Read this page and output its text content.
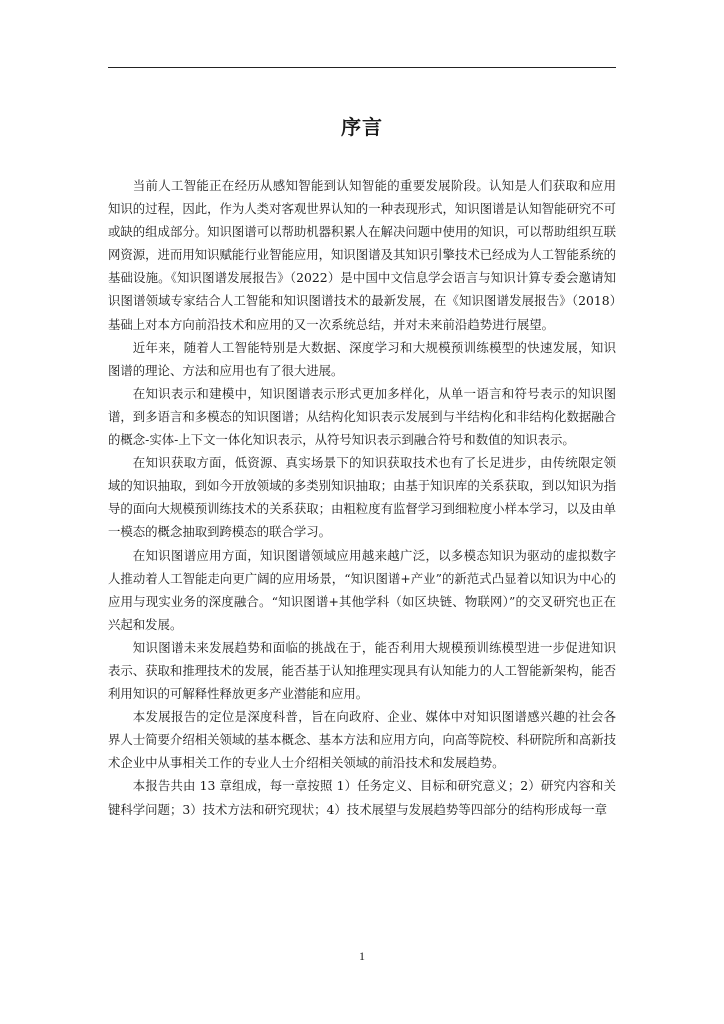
序言

当前人工智能正在经历从感知智能到认知智能的重要发展阶段。认知是人们获取和应用知识的过程，因此，作为人类对客观世界认知的一种表现形式，知识图谱是认知智能研究不可或缺的组成部分。知识图谱可以帮助机器积累人在解决问题中使用的知识，可以帮助组织互联网资源，进而用知识赋能行业智能应用，知识图谱及其知识引擎技术已经成为人工智能系统的基础设施。《知识图谱发展报告》（2022）是中国中文信息学会语言与知识计算专委会邀请知识图谱领域专家结合人工智能和知识图谱技术的最新发展，在《知识图谱发展报告》（2018）基础上对本方向前沿技术和应用的又一次系统总结，并对未来前沿趋势进行展望。

近年来，随着人工智能特别是大数据、深度学习和大规模预训练模型的快速发展，知识图谱的理论、方法和应用也有了很大进展。

在知识表示和建模中，知识图谱表示形式更加多样化，从单一语言和符号表示的知识图谱，到多语言和多模态的知识图谱；从结构化知识表示发展到与半结构化和非结构化数据融合的概念-实体-上下文一体化知识表示，从符号知识表示到融合符号和数值的知识表示。

在知识获取方面，低资源、真实场景下的知识获取技术也有了长足进步，由传统限定领域的知识抽取，到如今开放领域的多类别知识抽取；由基于知识库的关系获取，到以知识为指导的面向大规模预训练技术的关系获取；由粗粒度有监督学习到细粒度小样本学习，以及由单一模态的概念抽取到跨模态的联合学习。

在知识图谱应用方面，知识图谱领域应用越来越广泛，以多模态知识为驱动的虚拟数字人推动着人工智能走向更广阔的应用场景，“知识图谱+产业”的新范式凸显着以知识为中心的应用与现实业务的深度融合。“知识图谱+其他学科（如区块链、物联网）”的交叉研究也正在兴起和发展。

知识图谱未来发展趋势和面临的挑战在于，能否利用大规模预训练模型进一步促进知识表示、获取和推理技术的发展，能否基于认知推理实现具有认知能力的人工智能新架构，能否利用知识的可解释性释放更多产业潜能和应用。

本发展报告的定位是深度科普，旨在向政府、企业、媒体中对知识图谱感兴趣的社会各界人士简要介绍相关领域的基本概念、基本方法和应用方向，向高等院校、科研院所和高新技术企业中从事相关工作的专业人士介绍相关领域的前沿技术和发展趋势。

本报告共由 13 章组成，每一章按照 1）任务定义、目标和研究意义；2）研究内容和关键科学问题；3）技术方法和研究现状；4）技术展望与发展趋势等四部分的结构形成每一章

1
